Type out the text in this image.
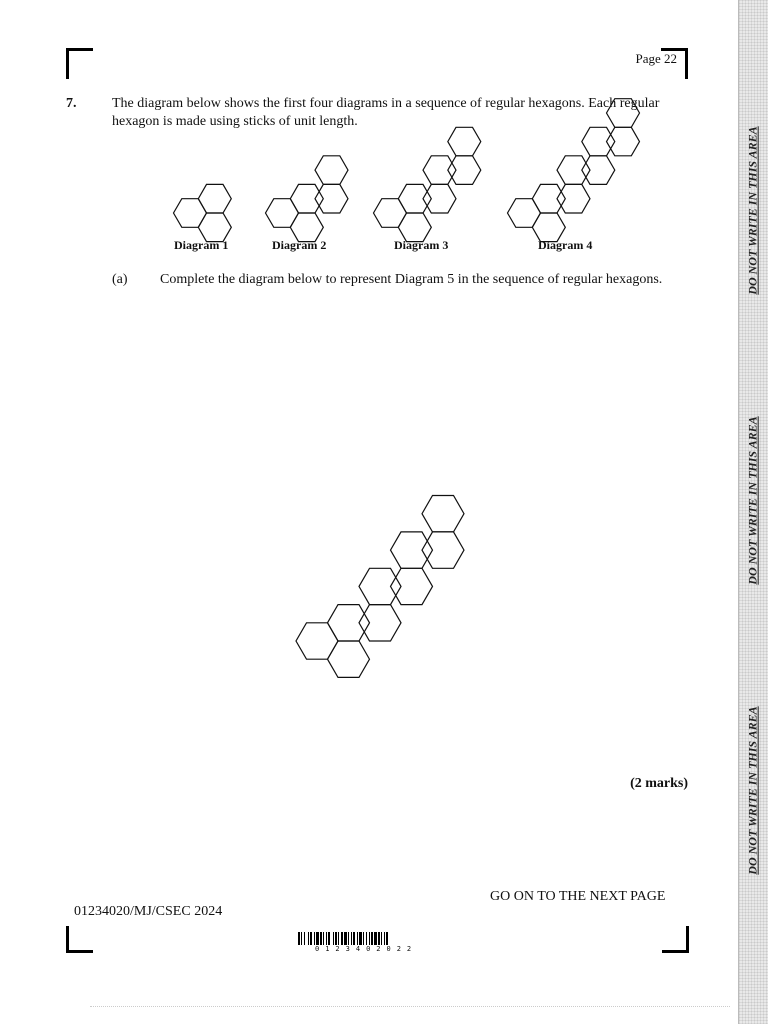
Page 22
7.	The diagram below shows the first four diagrams in a sequence of regular hexagons. Each regular hexagon is made using sticks of unit length.
Diagram 1	Diagram 2	Diagram 3	Diagram 4
(a) Complete the diagram below to represent Diagram 5 in the sequence of regular hexagons.
(2 marks)
GO ON TO THE NEXT PAGE
01234020/MJ/CSEC 2024
0123402022
DO NOT WRITE IN THIS AREA
DO NOT WRITE IN THIS AREA
DO NOT WRITE IN THIS AREA
